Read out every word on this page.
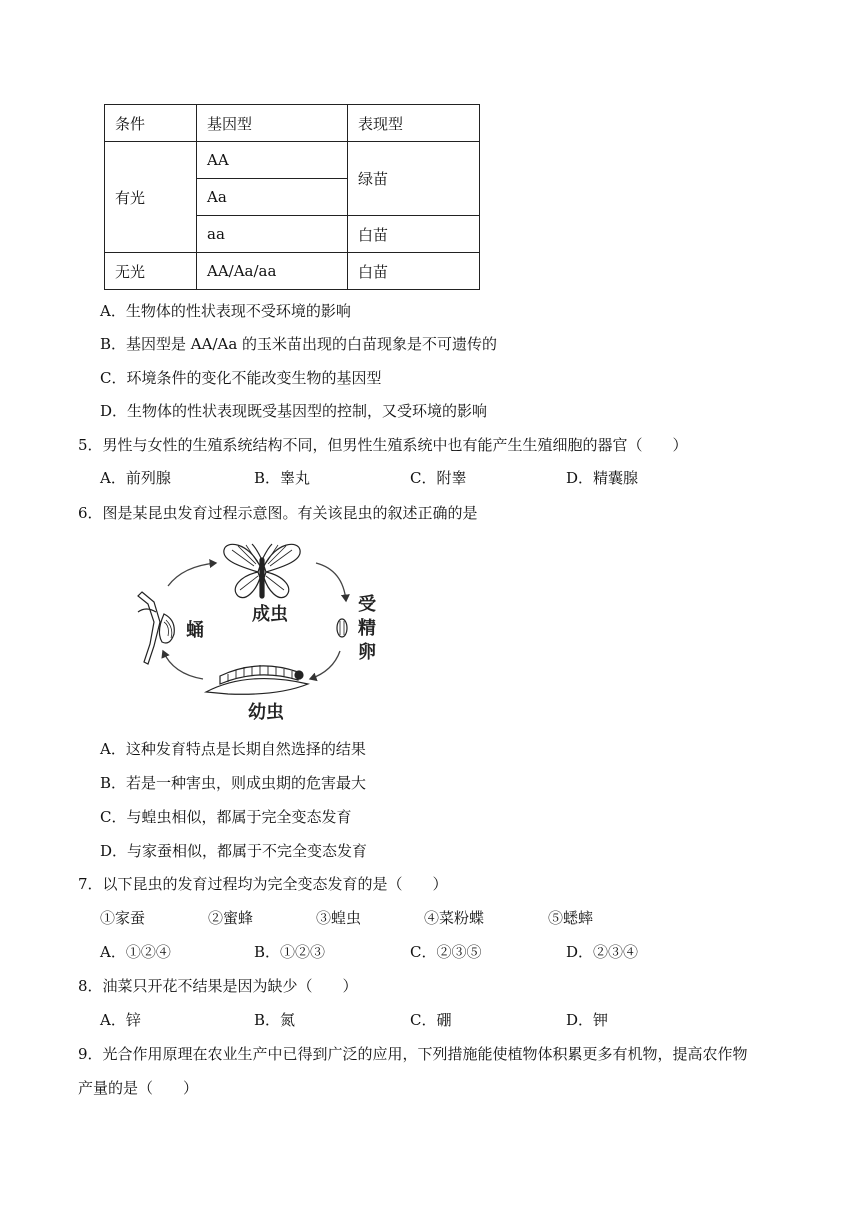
条件	基因型	表现型
有光	AA	绿苗
	Aa	
	aa	白苗
无光	AA/Aa/aa	白苗
A．生物体的性状表现不受环境的影响
B．基因型是 AA/Aa 的玉米苗出现的白苗现象是不可遗传的
C．环境条件的变化不能改变生物的基因型
D．生物体的性状表现既受基因型的控制，又受环境的影响
5．男性与女性的生殖系统结构不同，但男性生殖系统中也有能产生生殖细胞的器官（　　）
A．前列腺	B．睾丸	C．附睾	D．精囊腺
6．图是某昆虫发育过程示意图。有关该昆虫的叙述正确的是
成虫	受
精
卵
幼虫
蛹
A．这种发育特点是长期自然选择的结果
B．若是一种害虫，则成虫期的危害最大
C．与蝗虫相似，都属于完全变态发育
D．与家蚕相似，都属于不完全变态发育
7．以下昆虫的发育过程均为完全变态发育的是（　　）
①家蚕	②蜜蜂	③蝗虫	④菜粉蝶	⑤蟋蟀
A．①②④	B．①②③	C．②③⑤	D．②③④
8．油菜只开花不结果是因为缺少（　　）
A．锌	B．氮	C．硼	D．钾
9．光合作用原理在农业生产中已得到广泛的应用，下列措施能使植物体积累更多有机物，提高农作物
产量的是（　　）
